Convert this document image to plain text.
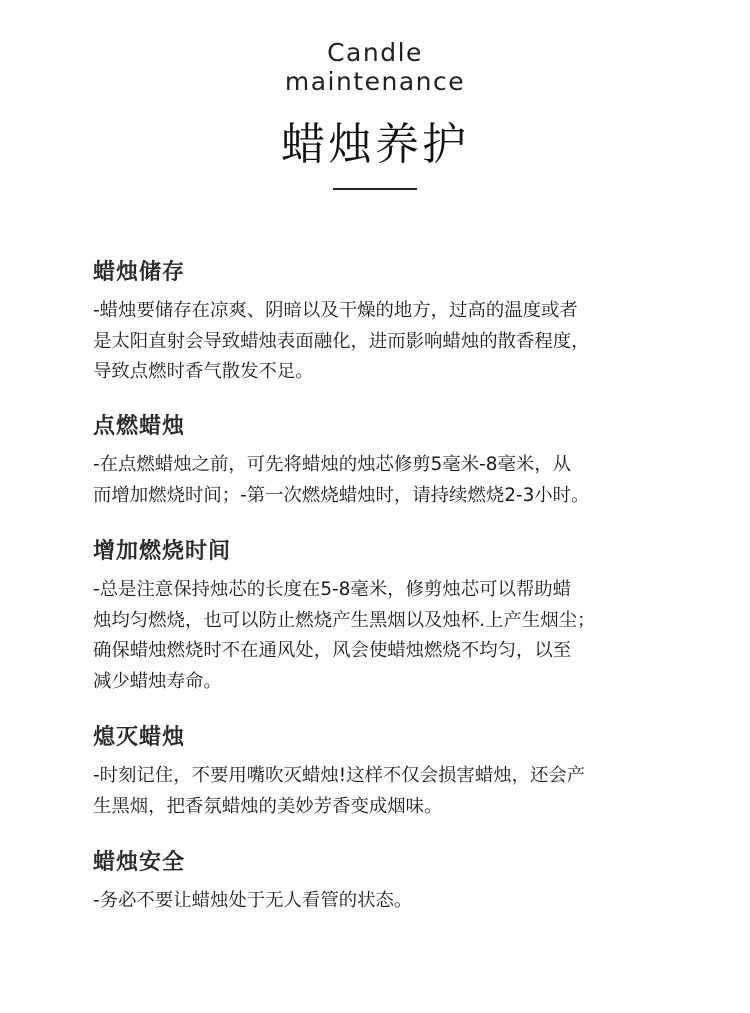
Candle
maintenance
蜡烛养护
蜡烛储存
-蜡烛要储存在凉爽、阴暗以及干燥的地方，过高的温度或者
是太阳直射会导致蜡烛表面融化，进而影响蜡烛的散香程度，
导致点燃时香气散发不足。
点燃蜡烛
-在点燃蜡烛之前，可先将蜡烛的烛芯修剪5毫米-8毫米，从
而增加燃烧时间；-第一次燃烧蜡烛时，请持续燃烧2-3小时。
增加燃烧时间
-总是注意保持烛芯的长度在5-8毫米，修剪烛芯可以帮助蜡
烛均匀燃烧，也可以防止燃烧产生黑烟以及烛杯.上产生烟尘；
确保蜡烛燃烧时不在通风处，风会使蜡烛燃烧不均匀，以至
减少蜡烛寿命。
熄灭蜡烛
-时刻记住，不要用嘴吹灭蜡烛!这样不仅会损害蜡烛，还会产
生黑烟，把香氛蜡烛的美妙芳香变成烟味。
蜡烛安全
-务必不要让蜡烛处于无人看管的状态。
